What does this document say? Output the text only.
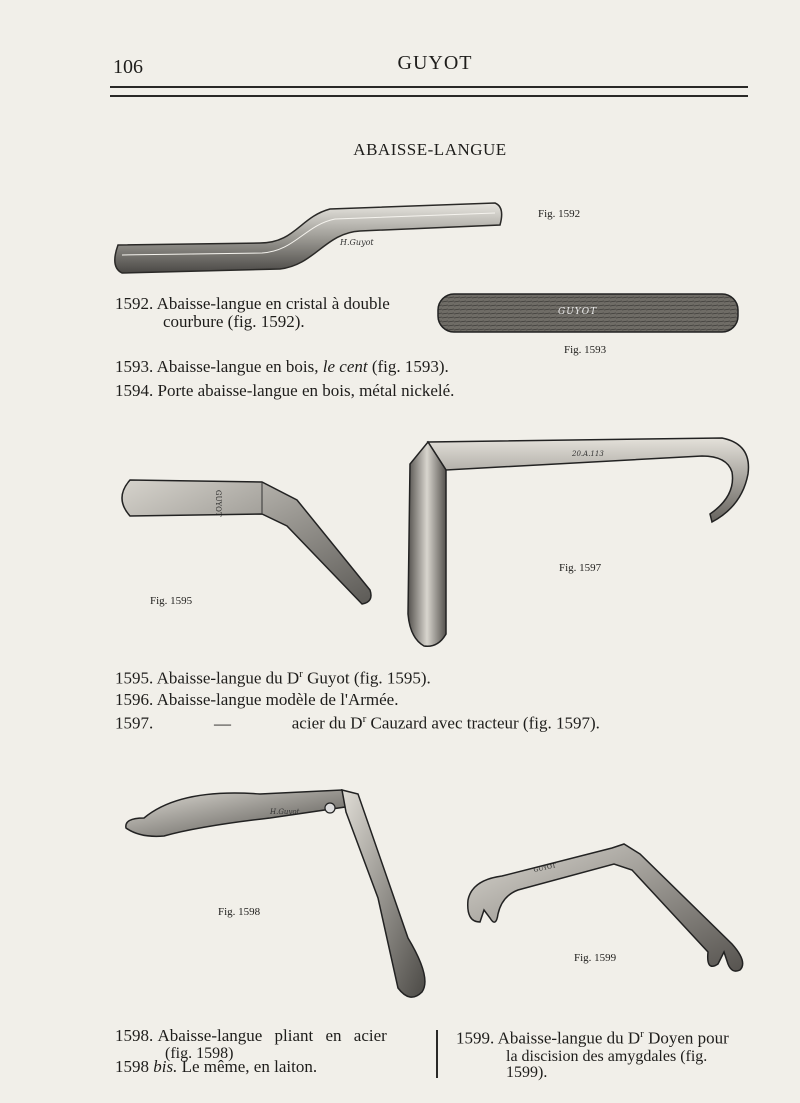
106	GUYOT
ABAISSE-LANGUE
H.Guyot
Fig. 1592
GUYOT
Fig. 1593
1592. Abaisse-langue en cristal à double
courbure (fig. 1592).
1593. Abaisse-langue en bois, le cent (fig. 1593).
1594. Porte abaisse-langue en bois, métal nickelé.
GUYOT
Fig. 1595
20.A.113
Fig. 1597
1595. Abaisse-langue du $D^r$ Guyot (fig. 1595).
1596. Abaisse-langue modèle de l'Armée.
1597.	—	acier du $D^r$ Cauzard avec tracteur (fig. 1597).
H.Guyot
Fig. 1598
GUYOT
Fig. 1599
1598. Abaisse-langue pliant en acier
(fig. 1598)
1598 bis. Le même, en laiton.
1599. Abaisse-langue du $D^r$ Doyen pour
la discision des amygdales (fig.
1599).
